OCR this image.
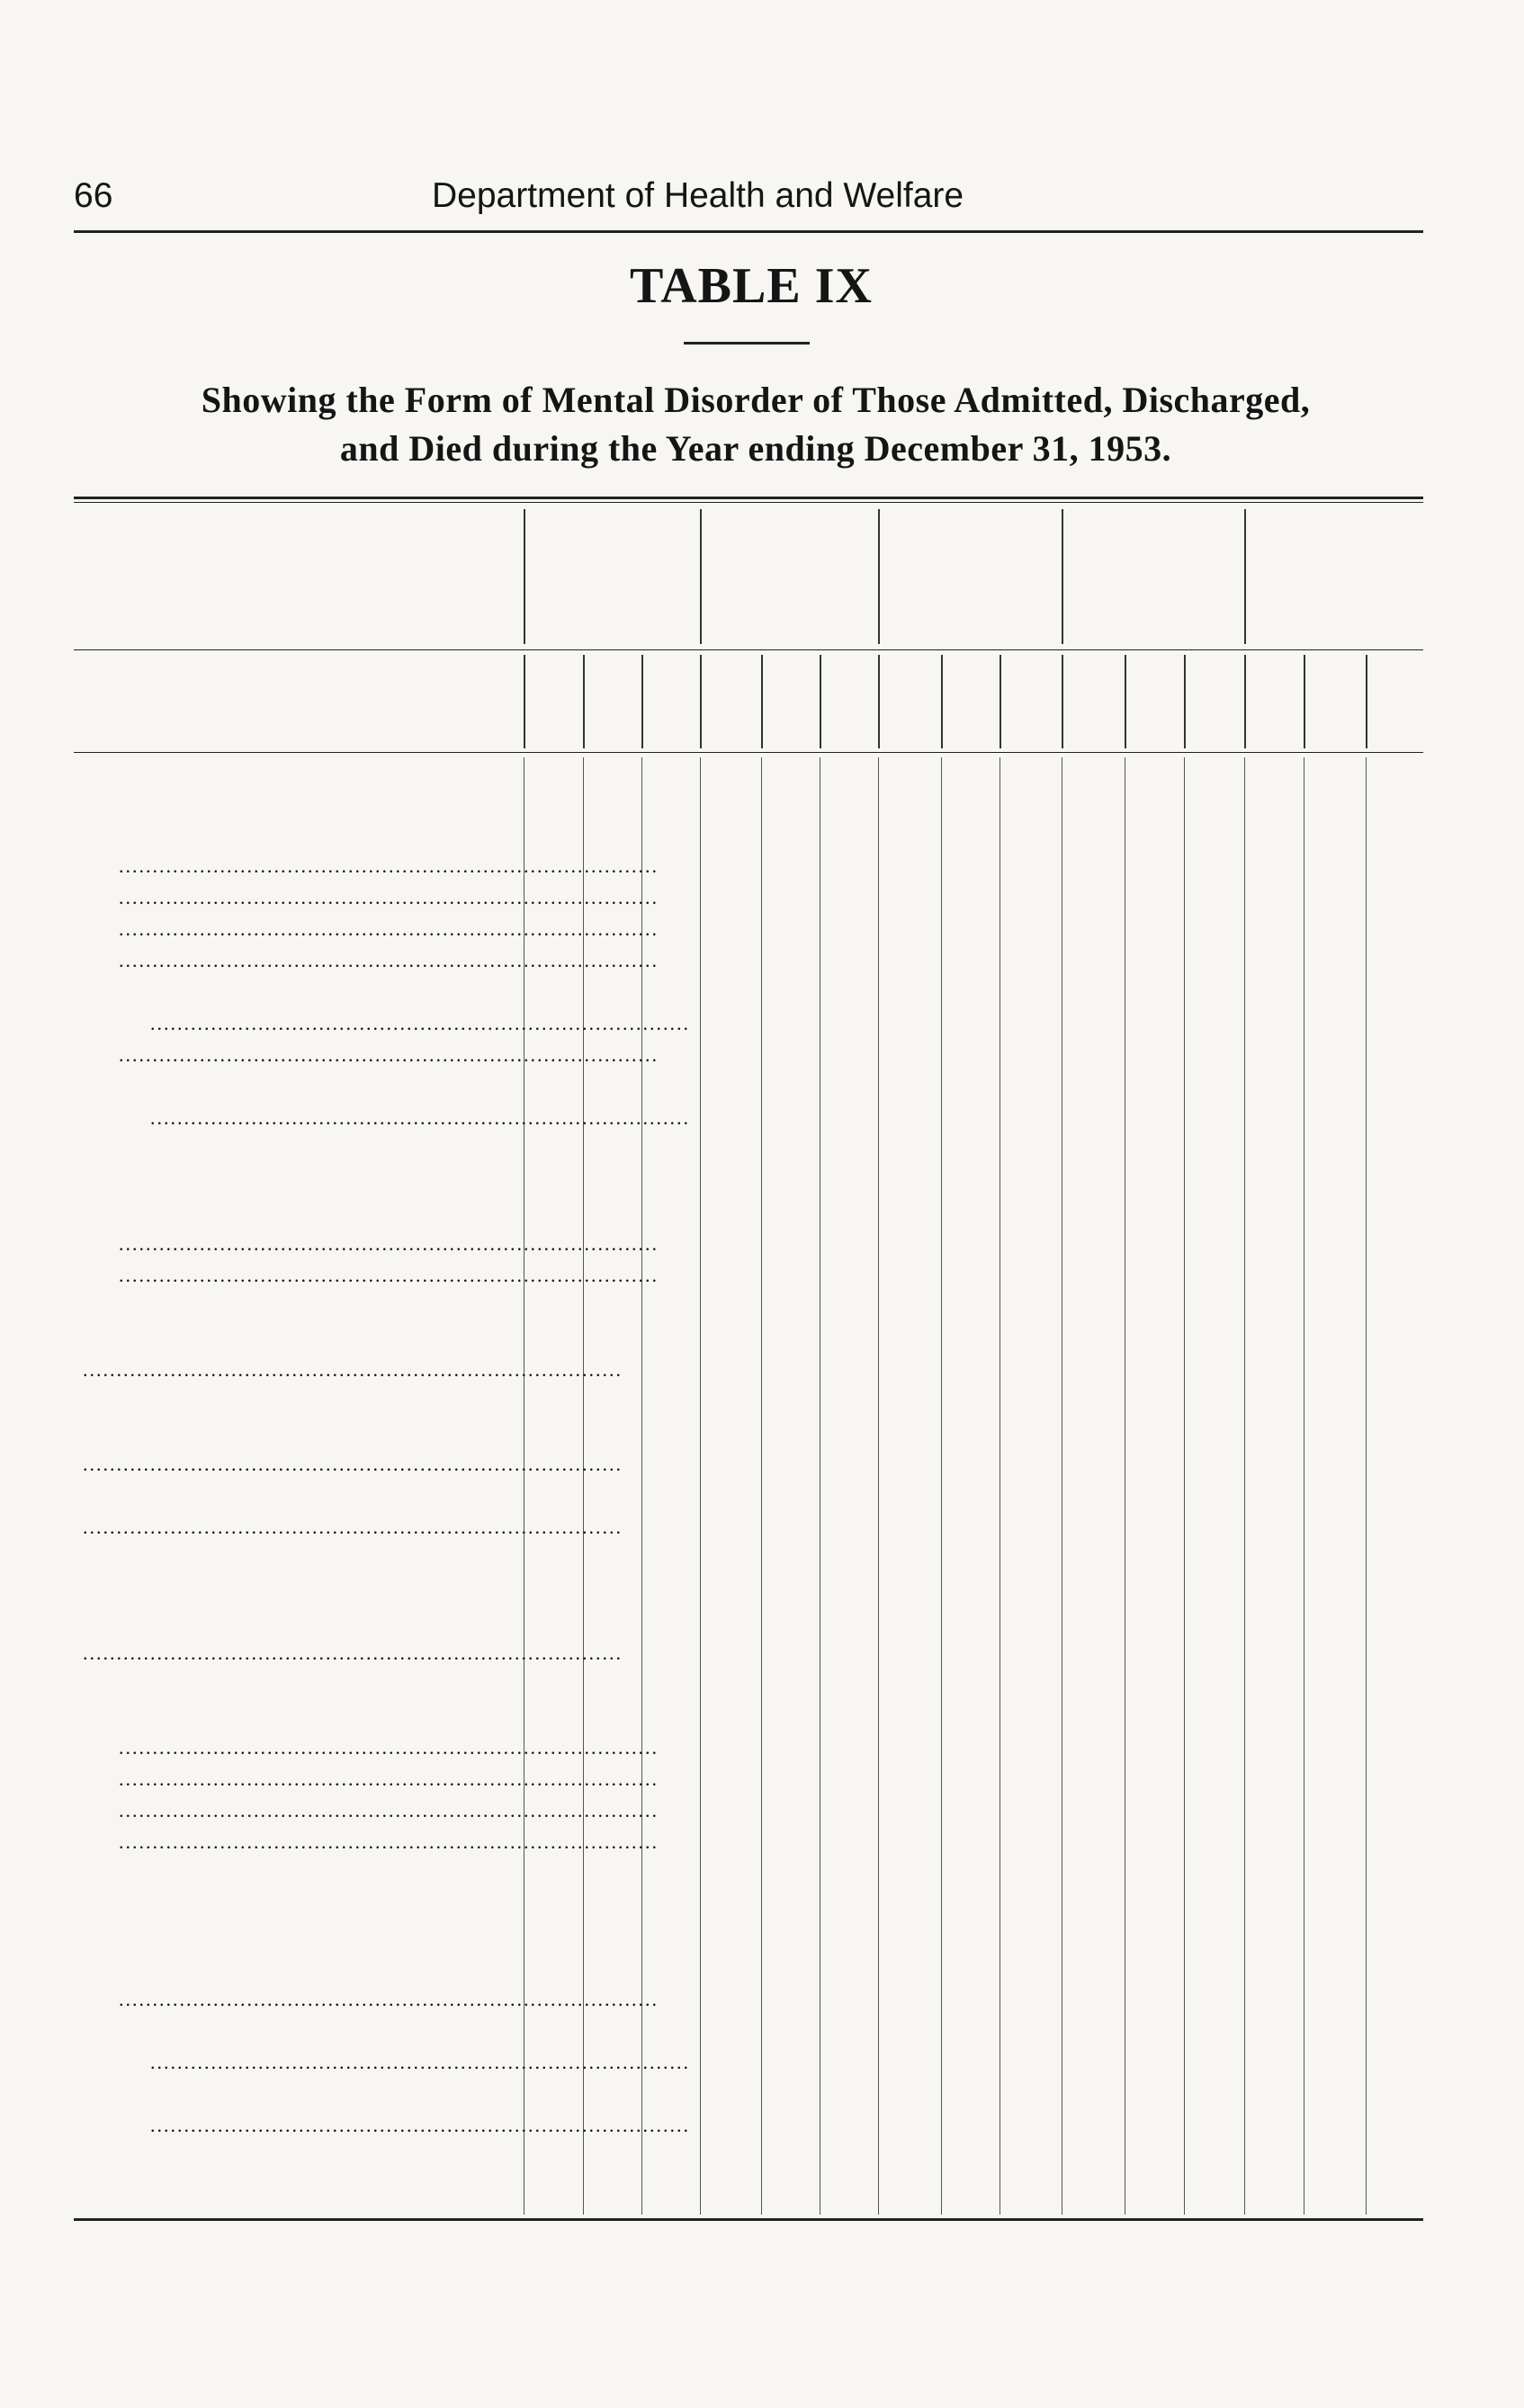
66	Department of Health and Welfare
TABLE IX
Showing the Form of Mental Disorder of Those Admitted, Discharged,
and Died during the Year ending December 31, 1953.
................................................................................
................................................................................
................................................................................
................................................................................
................................................................................
................................................................................
................................................................................
................................................................................
................................................................................
................................................................................
................................................................................
................................................................................
................................................................................
................................................................................
................................................................................
................................................................................
................................................................................
................................................................................
................................................................................
................................................................................
